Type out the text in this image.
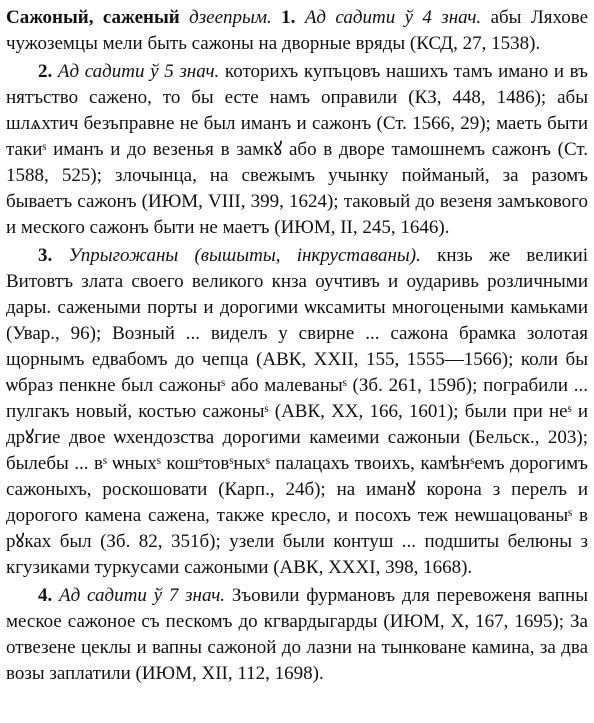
Сажоный, саженый дзеепрым. 1. Ад садити ў 4 знач. абы Ляхове чужоземцы мели быть сажоны на дворные вряды (КСД, 27, 1538).

2. Ад садити ў 5 знач. которихъ купъцовъ нашихъ тамъ имано и въ нятъство сажено, то бы есте намъ оправили (КЗ, 448, 1486); абы шлѧхтич безъправне не был иманъ и сажонъ (Ст. 1566, 29); маеть быти такиˢ иманъ и до везенья в замкꙋ або в дворе тамошнемъ сажонъ (Ст. 1588, 525); злочынца, на свежымъ учынку пойманый, за разомъ бываетъ сажонъ (ИЮМ, VIII, 399, 1624); таковый до везеня замъкового и меского сажонъ быти не маетъ (ИЮМ, II, 245, 1646).

3. Упрыгожаны (вышыты, інкруставаны). кнзь же великиі Витовтъ злата своего великого кнза оучтивъ и оударивь розличными дары. сажеными порты и дорогими ѡксамиты многоцеными камьками (Увар., 96); Возный ... виделъ у свирне ... сажона брамка золотая щорнымъ едвабомъ до чепца (АВК, XXII, 155, 1555—1566); коли бы ѡбраз пенкне был сажоныˢ або малеваныˢ (Зб. 261, 159б); пограбили ... пулгакъ новый, костью сажоныˢ (АВК, XX, 166, 1601); были при неˢ и дрꙋгие двое ѡхендозства дорогими камеими сажоныи (Бельск., 203); былебы ... вˢ ѡныхˢ кошˢтовˢныхˢ палацахъ твоихъ, камѣнˢемъ дорогимъ сажоныхъ, роскошовати (Карп., 24б); на иманꙋ корона з перелъ и дорогого камена сажена, также кресло, и посохъ теж неѡшацованыˢ в рꙋках был (Зб. 82, 351б); узели были контуш ... подшиты белюны з кгузиками туркусами сажоными (АВК, XXXI, 398, 1668).

4. Ад садити ў 7 знач. Зъовили фурмановъ для перевоженя вапны меское сажоное съ пескомъ до кгвардыгарды (ИЮМ, X, 167, 1695); За отвезене цеклы и вапны сажоной до лазни на тынковане камина, за два возы заплатили (ИЮМ, XII, 112, 1698).
